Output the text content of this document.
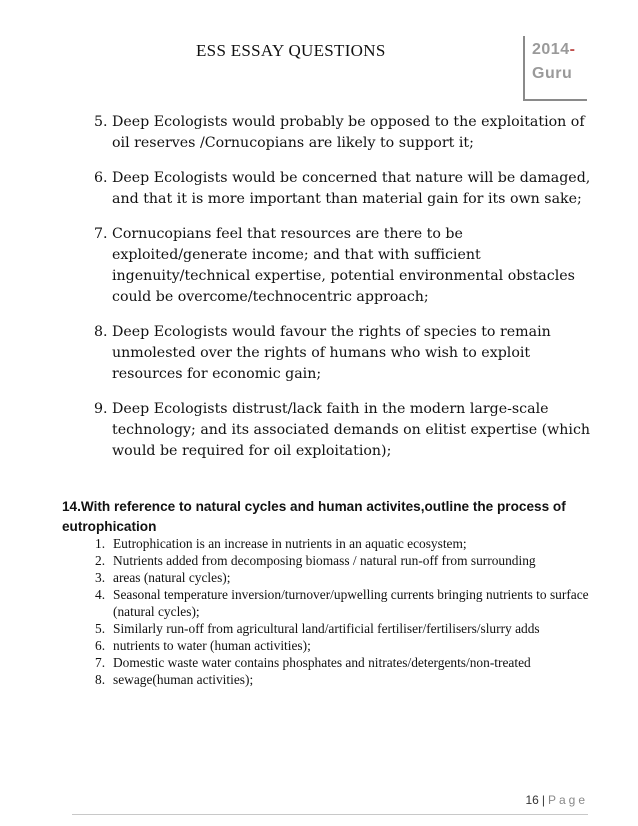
ESS ESSAY QUESTIONS	2014-
Guru
5. Deep Ecologists would probably be opposed to the exploitation of oil reserves /Cornucopians are likely to support it;
6. Deep Ecologists would be concerned that nature will be damaged, and that it is more important than material gain for its own sake;
7. Cornucopians feel that resources are there to be exploited/generate income; and that with sufficient ingenuity/technical expertise, potential environmental obstacles could be overcome/technocentric approach;
8. Deep Ecologists would favour the rights of species to remain unmolested over the rights of humans who wish to exploit resources for economic gain;
9. Deep Ecologists distrust/lack faith in the modern large-scale technology; and its associated demands on elitist expertise (which would be required for oil exploitation);
14.With reference to natural cycles and human activites,outline the process of eutrophication
1. Eutrophication is an increase in nutrients in an aquatic ecosystem;
2. Nutrients added from decomposing biomass / natural run-off from surrounding
3. areas (natural cycles);
4. Seasonal temperature inversion/turnover/upwelling currents bringing nutrients to surface (natural cycles);
5. Similarly run-off from agricultural land/artificial fertiliser/fertilisers/slurry adds
6. nutrients to water (human activities);
7. Domestic waste water contains phosphates and nitrates/detergents/non-treated
8. sewage(human activities);
16 | Page
